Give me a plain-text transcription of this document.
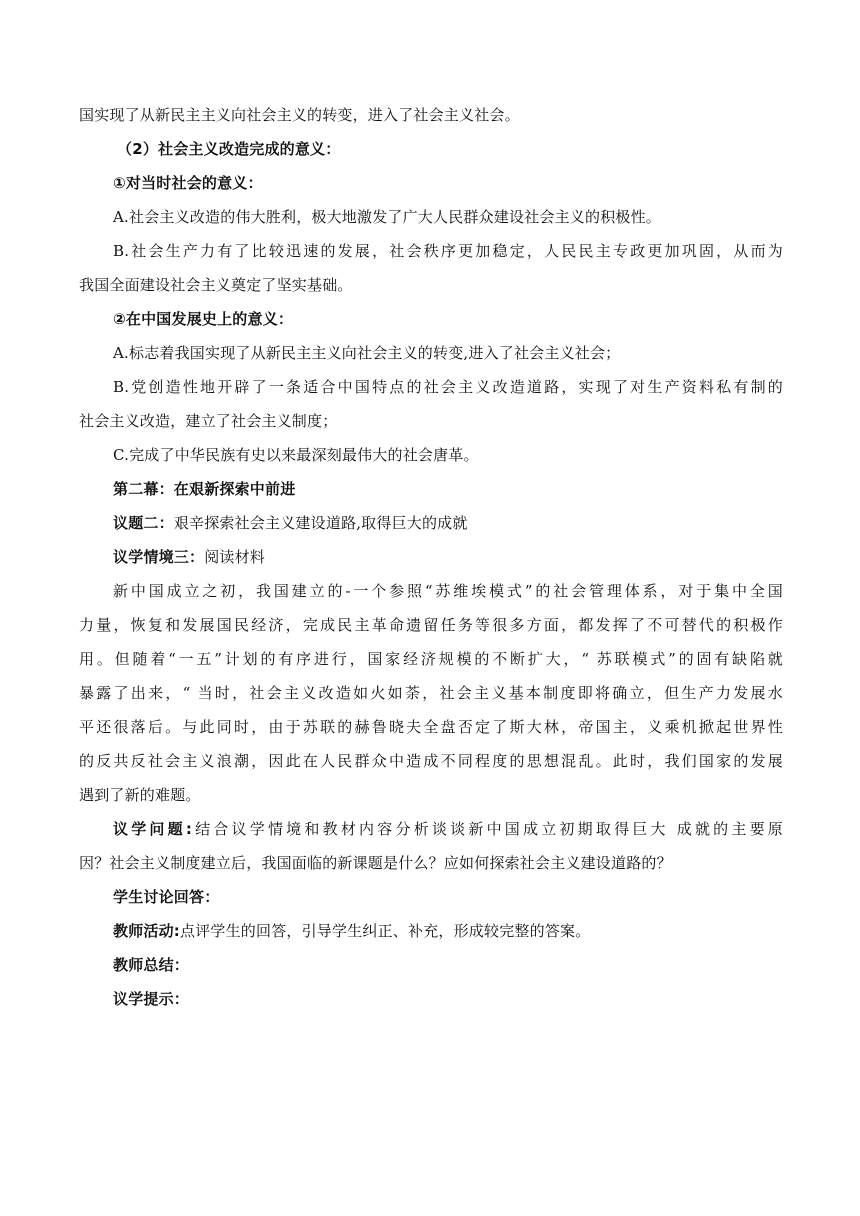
国实现了从新民主主义向社会主义的转变，进入了社会主义社会。

（2）社会主义改造完成的意义：

①对当时社会的意义：

A.社会主义改造的伟大胜利，极大地激发了广大人民群众建设社会主义的积极性。

B.社会生产力有了比较迅速的发展，社会秩序更加稳定，人民民主专政更加巩固，从而为

我国全面建设社会主义奠定了坚实基础。

②在中国发展史上的意义：

A.标志着我国实现了从新民主主义向社会主义的转变,进入了社会主义社会；

B.党创造性地开辟了一条适合中国特点的社会主义改造道路，实现了对生产资料私有制的

社会主义改造，建立了社会主义制度；

C.完成了中华民族有史以来最深刻最伟大的社会唐革。

第二幕：在艰新探索中前进

议题二：艰辛探索社会主义建设道路,取得巨大的成就

议学情境三：阅读材料

新中国成立之初，我国建立的-一个参照“苏维埃模式”的社会管理体系，对于集中全国

力量，恢复和发展国民经济，完成民主革命遗留任务等很多方面，都发挥了不可替代的积极作

用。但随着“一五”计划的有序进行，国家经济规模的不断扩大，“ 苏联模式”的固有缺陷就

暴露了出来，“ 当时，社会主义改造如火如荼，社会主义基本制度即将确立，但生产力发展水

平还很落后。与此同时，由于苏联的赫鲁晓夫全盘否定了斯大林，帝国主，义乘机掀起世界性

的反共反社会主义浪潮，因此在人民群众中造成不同程度的思想混乱。此时，我们国家的发展

遇到了新的难题。

议学问题:结合议学情境和教材内容分析谈谈新中国成立初期取得巨大 成就的主要原

因？社会主义制度建立后，我国面临的新课题是什么？应如何探索社会主义建设道路的？

学生讨论回答：

教师活动:点评学生的回答，引导学生纠正、补充，形成较完整的答案。

教师总结：

议学提示：
